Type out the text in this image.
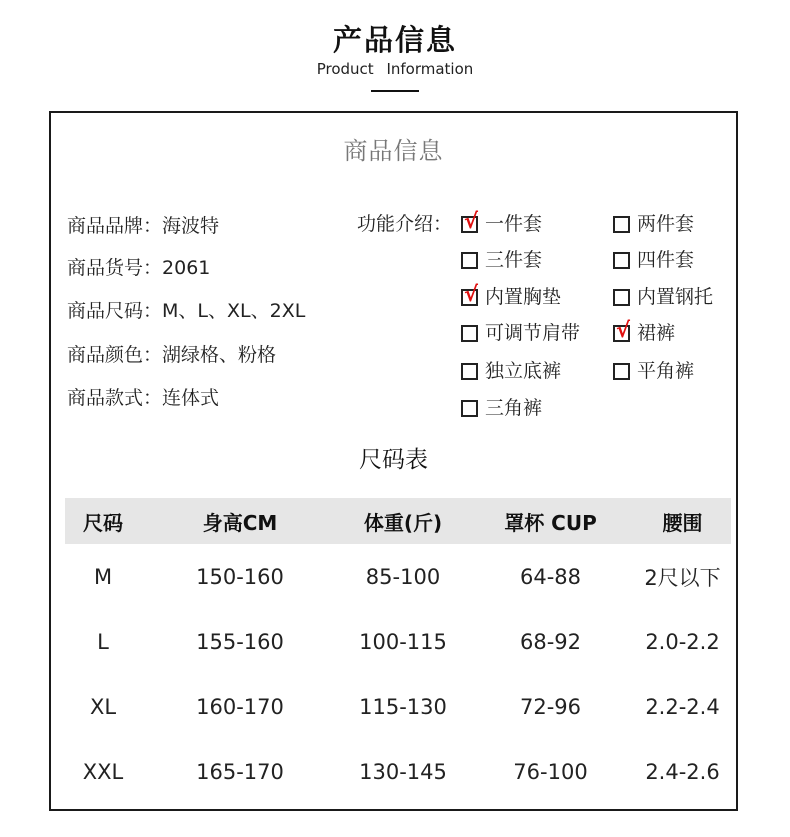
产品信息
Product Information
商品信息
商品品牌：海波特
商品货号：2061
商品尺码：M、L、XL、2XL
商品颜色：湖绿格、粉格
商品款式：连体式
功能介绍： √ 一件套	两件套
三件套	四件套
√ 内置胸垫	内置钢托
可调节肩带 √ 裙裤
独立底裤	平角裤
三角裤
尺码表
尺码	身高CM	体重(斤)	罩杯 CUP	腰围
M	150-160	85-100	64-88	2尺以下
L	155-160	100-115	68-92	2.0-2.2
XL	160-170	115-130	72-96	2.2-2.4
XXL	165-170	130-145	76-100	2.4-2.6
